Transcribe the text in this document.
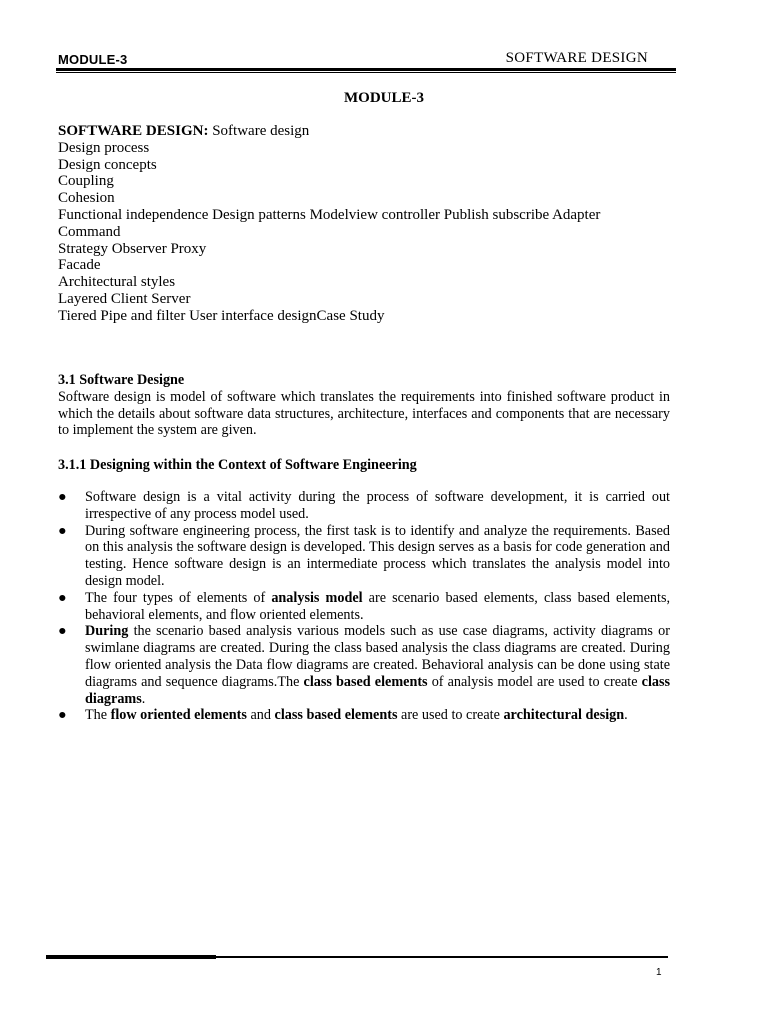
MODULE-3	SOFTWARE DESIGN
MODULE-3
SOFTWARE DESIGN: Software design
Design process
Design concepts
Coupling
Cohesion
Functional independence Design patterns Modelview controller Publish subscribe Adapter
Command
Strategy Observer Proxy
Facade
Architectural styles
Layered Client Server
Tiered Pipe and filter User interface designCase Study
3.1 Software Designe
Software design is model of software which translates the requirements into finished software product in which the details about software data structures, architecture, interfaces and components that are necessary to implement the system are given.
3.1.1 Designing within the Context of Software Engineering
● Software design is a vital activity during the process of software development, it is carried out irrespective of any process model used.
● During software engineering process, the first task is to identify and analyze the requirements. Based on this analysis the software design is developed. This design serves as a basis for code generation and testing. Hence software design is an intermediate process which translates the analysis model into design model.
● The four types of elements of analysis model are scenario based elements, class based elements, behavioral elements, and flow oriented elements.
● During the scenario based analysis various models such as use case diagrams, activity diagrams or swimlane diagrams are created. During the class based analysis the class diagrams are created. During flow oriented analysis the Data flow diagrams are created. Behavioral analysis can be done using state diagrams and sequence diagrams.The class based elements of analysis model are used to create class diagrams.
● The flow oriented elements and class based elements are used to create architectural design.
1
